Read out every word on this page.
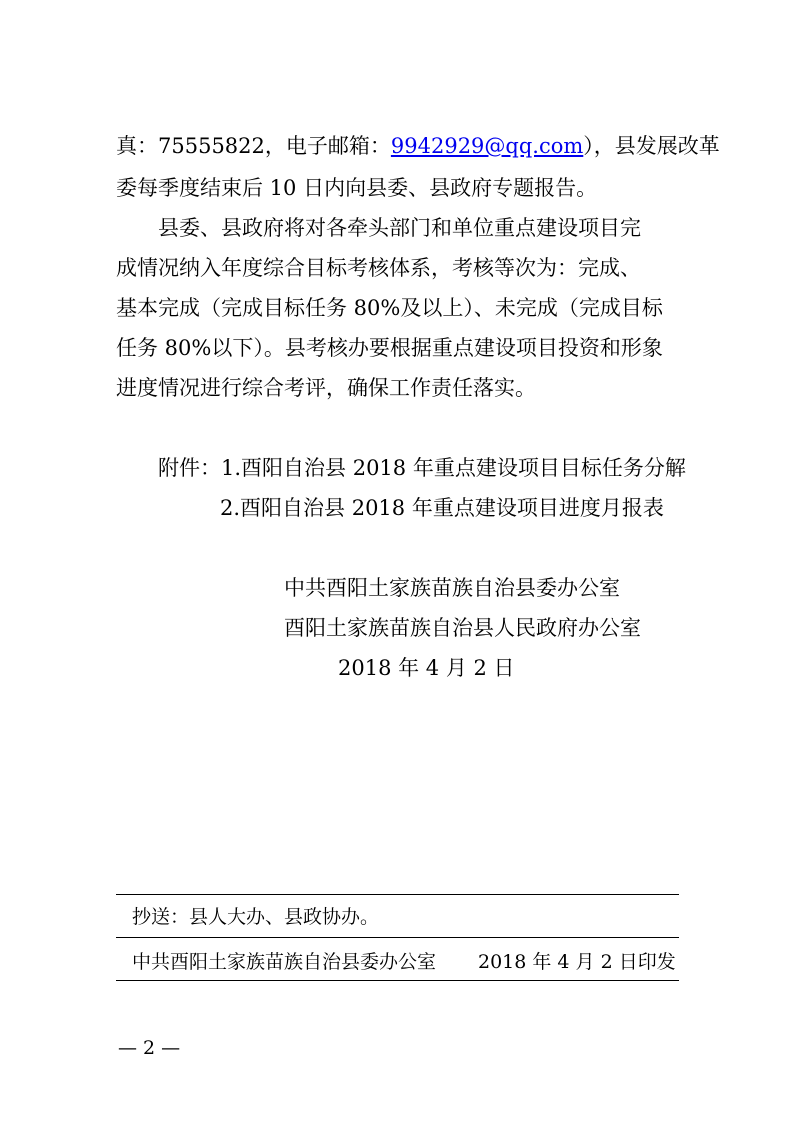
真：75555822，电子邮箱：9942929@qq.com），县发展改革
委每季度结束后 10 日内向县委、县政府专题报告。
县委、县政府将对各牵头部门和单位重点建设项目完
成情况纳入年度综合目标考核体系，考核等次为：完成、
基本完成（完成目标任务 80%及以上）、未完成（完成目标
任务 80%以下）。县考核办要根据重点建设项目投资和形象
进度情况进行综合考评，确保工作责任落实。
附件：1.酉阳自治县 2018 年重点建设项目目标任务分解
2.酉阳自治县 2018 年重点建设项目进度月报表
中共酉阳土家族苗族自治县委办公室
酉阳土家族苗族自治县人民政府办公室
2018 年 4 月 2 日
抄送：县人大办、县政协办。
中共酉阳土家族苗族自治县委办公室 2018 年 4 月 2 日印发
— 2 —
